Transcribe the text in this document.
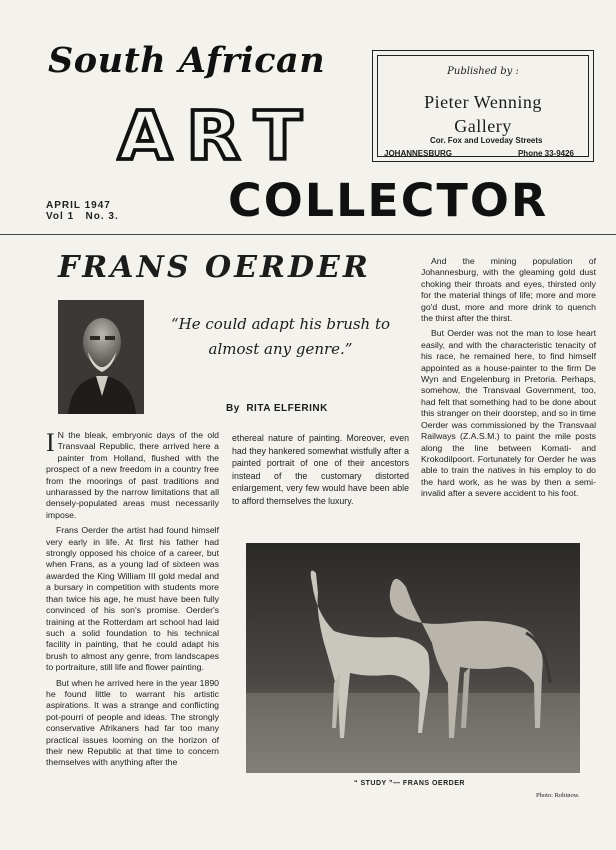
South African
A R T
COLLECTOR
APRIL 1947
Vol 1   No. 3.
Published by :
Pieter Wenning
Gallery
Cor. Fox and Loveday Streets
JOHANNESBURG	Phone 33-9426
FRANS OERDER
“He could adapt his brush to almost any genre.”
By  RITA ELFERINK

I N the bleak, embryonic days of the old Transvaal Republic, there arrived here a painter from Holland, flushed with the prospect of a new freedom in a country free from the moorings of past traditions and unharassed by the narrow limitations that all densely-populated areas must necessarily impose.

Frans Oerder the artist had found himself very early in life. At first his father had strongly opposed his choice of a career, but when Frans, as a young lad of sixteen was awarded the King William III gold medal and a bursary in competition with students more than twice his age, he must have been fully convinced of his son's promise. Oerder's training at the Rotterdam art school had laid such a solid foundation to his technical facility in painting, that he could adapt his brush to almost any genre, from landscapes to portraiture, still life and flower painting.

But when he arrived here in the year 1890 he found little to warrant his artistic aspirations. It was a strange and conflicting pot-pourri of people and ideas. The strongly conservative Afrikaners had far too many practical issues looming on the horizon of their new Republic at that time to concern themselves with anything after the

ethereal nature of painting. Moreover, even had they hankered somewhat wistfully after a painted portrait of one of their ancestors instead of the customary distorted enlargement, very few would have been able to afford themselves the luxury.

And the mining population of Johannesburg, with the gleaming gold dust choking their throats and eyes, thirsted only for the material things of life; more and more go'd dust, more and more drink to quench the thirst after the thirst.

But Oerder was not the man to lose heart easily, and with the characteristic tenacity of his race, he remained here, to find himself appointed as a house-painter to the firm De Wyn and Engelenburg in Pretoria. Perhaps, somehow, the Transvaal Government, too, had felt that something had to be done about this stranger on their doorstep, and so in time Oerder was commissioned by the Transvaal Railways (Z.A.S.M.) to paint the mile posts along the line between Komati- and Krokodilpoort. Fortunately for Oerder he was able to train the natives in his employ to do the hard work, as he was by then a semi-invalid after a severe accident to his foot.

“ STUDY ”— FRANS OERDER
Photo: Robinow.
